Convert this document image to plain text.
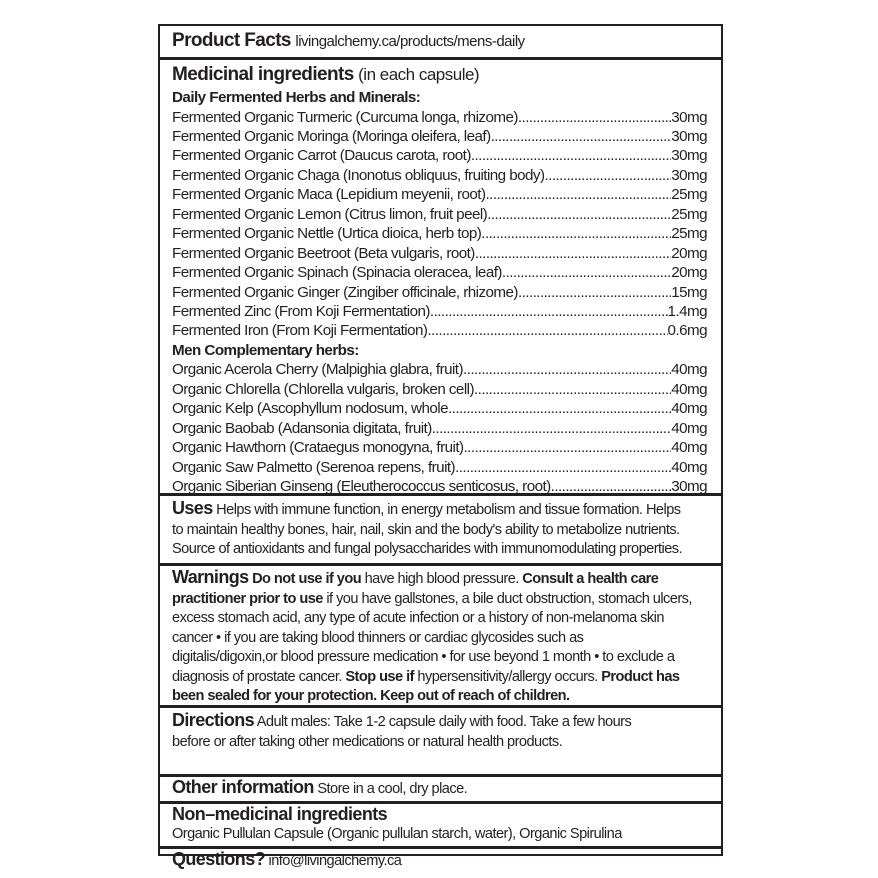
Product Facts livingalchemy.ca/products/mens-daily
Medicinal ingredients (in each capsule)
Daily Fermented Herbs and Minerals:
Fermented Organic Turmeric (Curcuma longa, rhizome) .....	30mg
Fermented Organic Moringa (Moringa oleifera, leaf) .....	30mg
Fermented Organic Carrot (Daucus carota, root) .....	30mg
Fermented Organic Chaga (Inonotus obliquus, fruiting body) .....	30mg
Fermented Organic Maca (Lepidium meyenii, root) .....	25mg
Fermented Organic Lemon (Citrus limon, fruit peel) .....	25mg
Fermented Organic Nettle (Urtica dioica, herb top) .....	25mg
Fermented Organic Beetroot (Beta vulgaris, root) .....	20mg
Fermented Organic Spinach (Spinacia oleracea, leaf) .....	20mg
Fermented Organic Ginger (Zingiber officinale, rhizome) .....	15mg
Fermented Zinc (From Koji Fermentation) .....	1.4mg
Fermented Iron (From Koji Fermentation) .....	0.6mg
Men Complementary herbs:
Organic Acerola Cherry (Malpighia glabra, fruit) .....	40mg
Organic Chlorella (Chlorella vulgaris, broken cell) .....	40mg
Organic Kelp (Ascophyllum nodosum, whole .....	40mg
Organic Baobab (Adansonia digitata, fruit) .....	40mg
Organic Hawthorn (Crataegus monogyna, fruit) .....	40mg
Organic Saw Palmetto (Serenoa repens, fruit) .....	40mg
Organic Siberian Ginseng (Eleutherococcus senticosus, root) .....	30mg
Uses Helps with immune function, in energy metabolism and tissue formation. Helps
to maintain healthy bones, hair, nail, skin and the body's ability to metabolize nutrients.
Source of antioxidants and fungal polysaccharides with immunomodulating properties.
Warnings Do not use if you have high blood pressure. Consult a health care
practitioner prior to use if you have gallstones, a bile duct obstruction, stomach ulcers,
excess stomach acid, any type of acute infection or a history of non-melanoma skin
cancer • if you are taking blood thinners or cardiac glycosides such as
digitalis/digoxin,or blood pressure medication • for use beyond 1 month • to exclude a
diagnosis of prostate cancer. Stop use if hypersensitivity/allergy occurs. Product has
been sealed for your protection. Keep out of reach of children.
Directions Adult males: Take 1-2 capsule daily with food. Take a few hours
before or after taking other medications or natural health products.
Other information Store in a cool, dry place.
Non–medicinal ingredients
Organic Pullulan Capsule (Organic pullulan starch, water), Organic Spirulina
Questions? info@livingalchemy.ca
